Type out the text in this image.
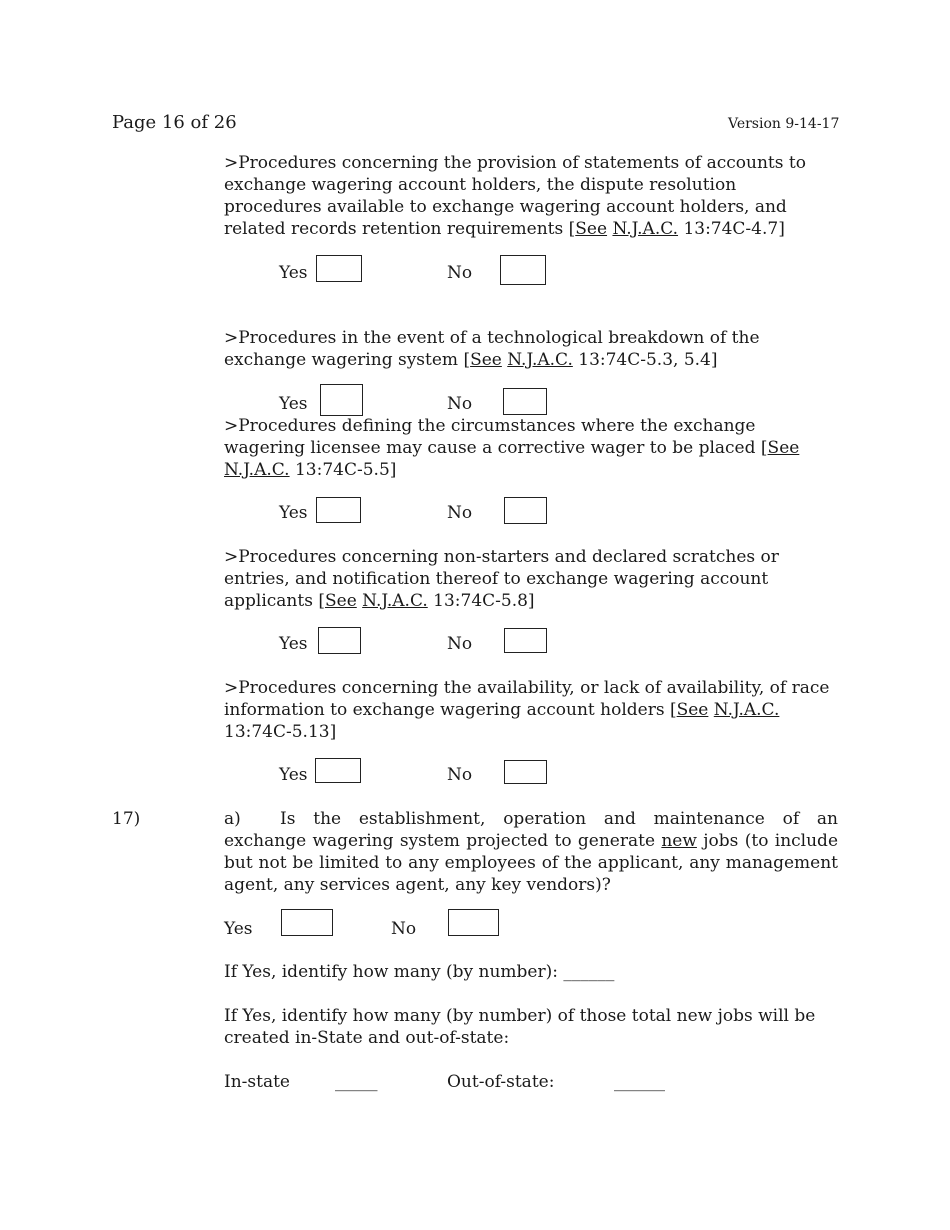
Page 16 of 26	Version 9-14-17
>Procedures concerning the provision of statements of accounts to exchange wagering account holders, the dispute resolution procedures available to exchange wagering account holders, and related records retention requirements [See N.J.A.C. 13:74C-4.7]
Yes	No
>Procedures in the event of a technological breakdown of the exchange wagering system [See N.J.A.C. 13:74C-5.3, 5.4]
Yes	No
>Procedures defining the circumstances where the exchange wagering licensee may cause a corrective wager to be placed [See N.J.A.C. 13:74C-5.5]
Yes	No
>Procedures concerning non-starters and declared scratches or entries, and notification thereof to exchange wagering account applicants [See N.J.A.C. 13:74C-5.8]
Yes	No
>Procedures concerning the availability, or lack of availability, of race information to exchange wagering account holders [See N.J.A.C. 13:74C-5.13]
Yes	No
17)	a) Is the establishment, operation and maintenance of an exchange wagering system projected to generate new jobs (to include but not be limited to any employees of the applicant, any management agent, any services agent, any key vendors)?
Yes	No
If Yes, identify how many (by number): ______
If Yes, identify how many (by number) of those total new jobs will be created in-State and out-of-state:
In-state	_____	Out-of-state:	______
